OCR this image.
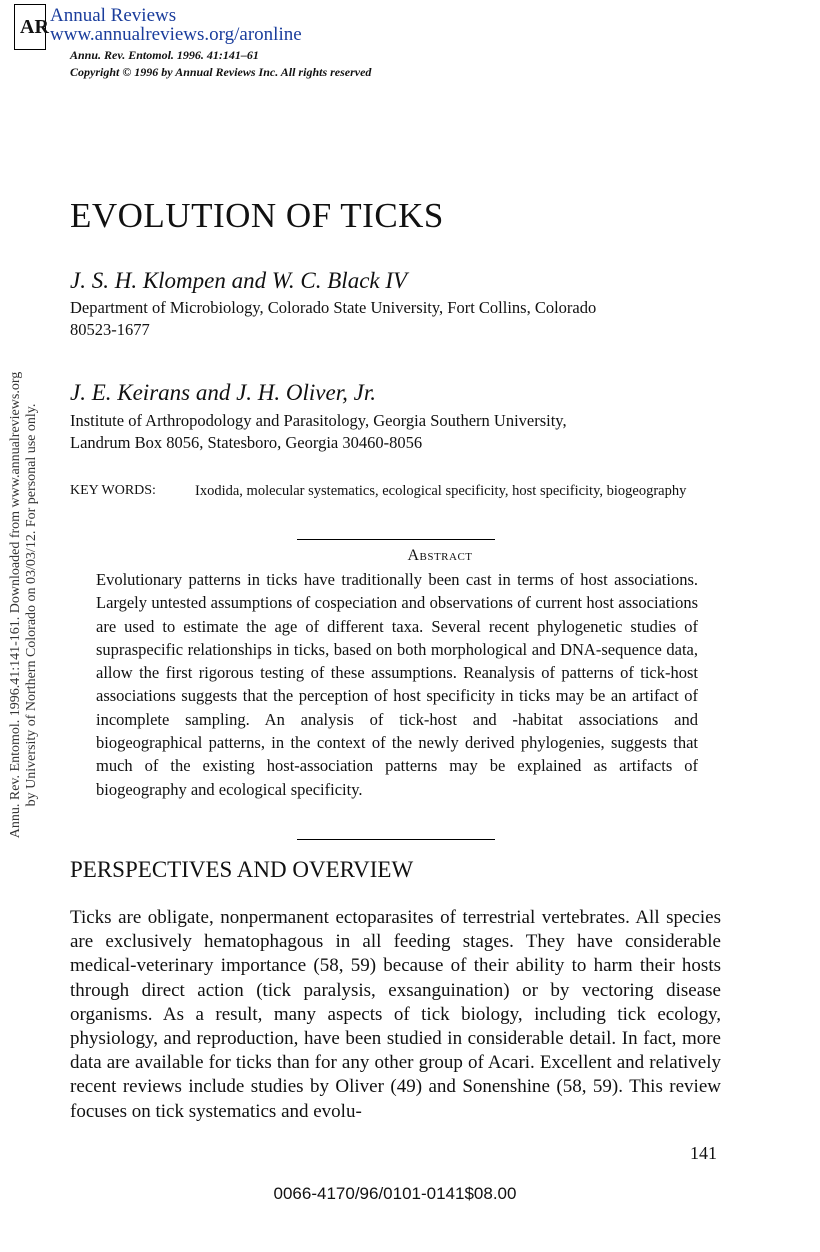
AR
Annual Reviews
www.annualreviews.org/aronline
Annu. Rev. Entomol. 1996. 41:141–61
Copyright © 1996 by Annual Reviews Inc. All rights reserved
Annu. Rev. Entomol. 1996.41:141-161. Downloaded from www.annualreviews.org by University of Northern Colorado on 03/03/12. For personal use only.
EVOLUTION OF TICKS
J. S. H. Klompen and W. C. Black IV
Department of Microbiology, Colorado State University, Fort Collins, Colorado
80523-1677
J. E. Keirans and J. H. Oliver, Jr.
Institute of Arthropodology and Parasitology, Georgia Southern University,
Landrum Box 8056, Statesboro, Georgia 30460-8056
KEY WORDS:	Ixodida, molecular systematics, ecological specificity, host specificity, biogeography
Abstract
Evolutionary patterns in ticks have traditionally been cast in terms of host associations. Largely untested assumptions of cospeciation and observations of current host associations are used to estimate the age of different taxa. Several recent phylogenetic studies of supraspecific relationships in ticks, based on both morphological and DNA-sequence data, allow the first rigorous testing of these assumptions. Reanalysis of patterns of tick-host associations suggests that the perception of host specificity in ticks may be an artifact of incomplete sampling. An analysis of tick-host and -habitat associations and biogeographical patterns, in the context of the newly derived phylogenies, suggests that much of the existing host-association patterns may be explained as artifacts of biogeography and ecological specificity.
PERSPECTIVES AND OVERVIEW
Ticks are obligate, nonpermanent ectoparasites of terrestrial vertebrates. All species are exclusively hematophagous in all feeding stages. They have considerable medical-veterinary importance (58, 59) because of their ability to harm their hosts through direct action (tick paralysis, exsanguination) or by vectoring disease organisms. As a result, many aspects of tick biology, including tick ecology, physiology, and reproduction, have been studied in considerable detail. In fact, more data are available for ticks than for any other group of Acari. Excellent and relatively recent reviews include studies by Oliver (49) and Sonenshine (58, 59). This review focuses on tick systematics and evolu-
141
0066-4170/96/0101-0141$08.00
